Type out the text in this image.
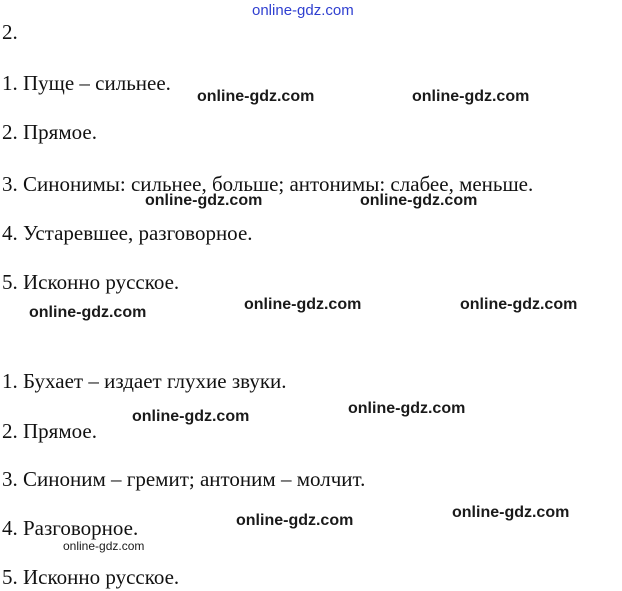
online-gdz.com
2.
1. Пуще – сильнее.
2. Прямое.
3. Синонимы: сильнее, больше; антонимы: слабее, меньше.
4. Устаревшее, разговорное.
5. Исконно русское.
1. Бухает – издает глухие звуки.
2. Прямое.
3. Синоним – гремит; антоним – молчит.
4. Разговорное.
5. Исконно русское.
online-gdz.com	online-gdz.com
online-gdz.com	online-gdz.com
online-gdz.com	online-gdz.com
online-gdz.com
online-gdz.com
online-gdz.com
online-gdz.com
online-gdz.com
online-gdz.com
